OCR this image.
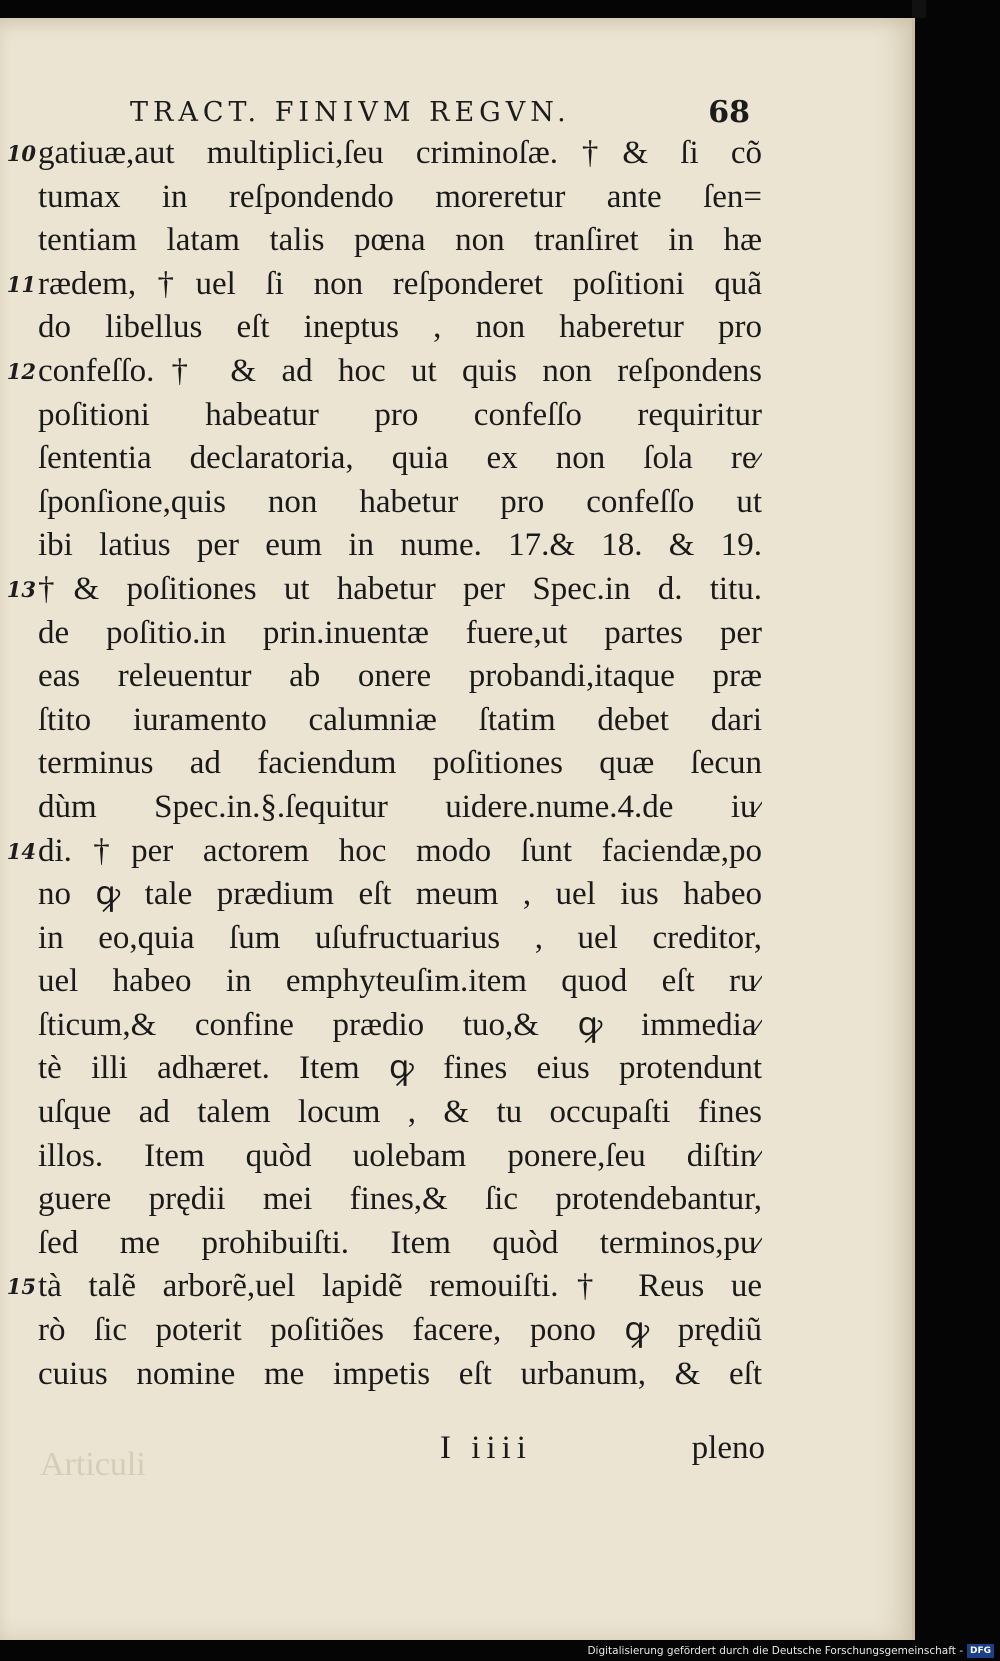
TRACT. FINIVM REGVN.	68
10 gatiuæ,aut multiplici,ſeu criminoſæ.†& ſi cõ
tumax in reſpondendo moreretur ante ſen=
tentiam latam talis pœna non tranſiret in hæ
11 rædem,†uel ſi non reſponderet poſitioni quã
do libellus eſt ineptus , non haberetur pro
12 confeſſo.† & ad hoc ut quis non reſpondens
poſitioni habeatur pro confeſſo requiritur
ſententia declaratoria, quia ex non ſola re⁄
ſponſione,quis non habetur pro confeſſo ut
ibi latius per eum in nume. 17.& 18. & 19.
13 †& poſitiones ut habetur per Spec.in d. titu.
de poſitio.in prin.inuentæ fuere,ut partes per
eas releuentur ab onere probandi,itaque præ
ſtito iuramento calumniæ ſtatim debet dari
terminus ad faciendum poſitiones quæ ſecun
dùm Spec.in.§.ſequitur uidere.nume.4.de iu⁄
14 di.†per actorem hoc modo ſunt faciendæ,po
no ꝙ tale prædium eſt meum , uel ius habeo
in eo,quia ſum uſufructuarius , uel creditor,
uel habeo in emphyteuſim.item quod eſt ru⁄
ſticum,& confine prædio tuo,& ꝙ immedia⁄
tè illi adhæret. Item ꝙ fines eius protendunt
uſque ad talem locum , & tu occupaſti fines
illos. Item quòd uolebam ponere,ſeu diſtin⁄
guere prędii mei fines,& ſic protendebantur,
ſed me prohibuiſti. Item quòd terminos,pu⁄
15 tà talẽ arborẽ,uel lapidẽ remouiſti.† Reus ue
rò ſic poterit poſitiões facere, pono ꝙ prędiũ
cuius nomine me impetis eſt urbanum, & eſt
Articuli	I iiii	pleno
Digitalisierung gefördert durch die Deutsche Forschungsgemeinschaft - DFG
